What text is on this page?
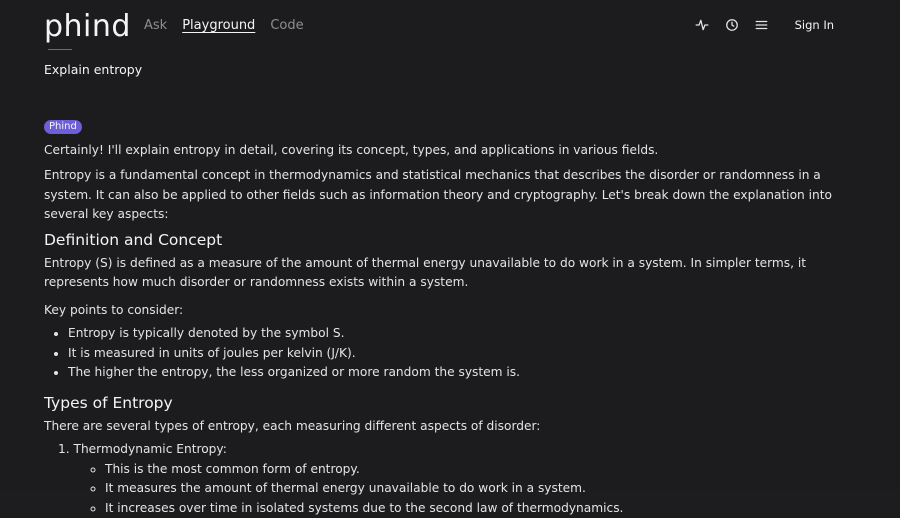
phind Ask Playground Code	Sign In

Explain entropy

Phind

Certainly! I'll explain entropy in detail, covering its concept, types, and applications in various fields.

Entropy is a fundamental concept in thermodynamics and statistical mechanics that describes the disorder or randomness in a system. It can also be applied to other fields such as information theory and cryptography. Let's break down the explanation into several key aspects:

Definition and Concept

Entropy (S) is defined as a measure of the amount of thermal energy unavailable to do work in a system. In simpler terms, it represents how much disorder or randomness exists within a system.

Key points to consider:

• Entropy is typically denoted by the symbol S.
• It is measured in units of joules per kelvin (J/K).
• The higher the entropy, the less organized or more random the system is.
Types of Entropy

There are several types of entropy, each measuring different aspects of disorder:

1. Thermodynamic Entropy:
◦ This is the most common form of entropy.
◦ It measures the amount of thermal energy unavailable to do work in a system.
◦ It increases over time in isolated systems due to the second law of thermodynamics.
